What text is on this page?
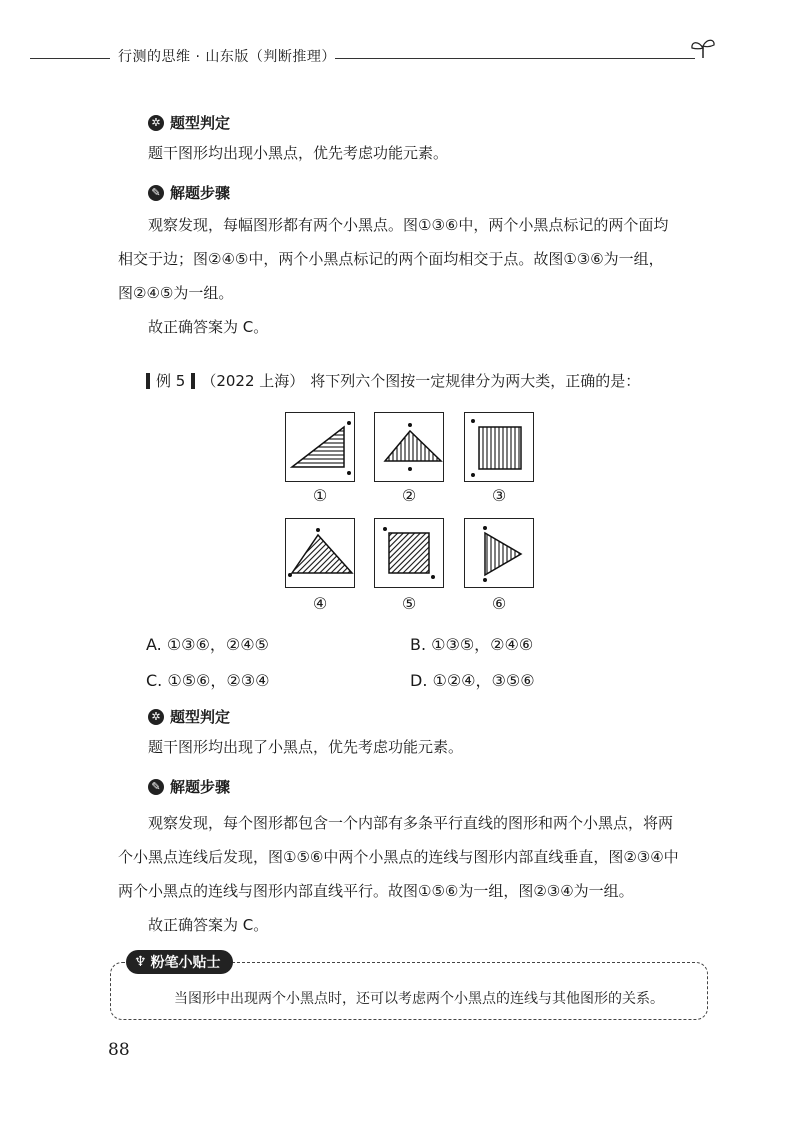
行测的思维 · 山东版（判断推理）
✲ 题型判定
题干图形均出现小黑点，优先考虑功能元素。
✎ 解题步骤
观察发现，每幅图形都有两个小黑点。图①③⑥中，两个小黑点标记的两个面均
相交于边；图②④⑤中，两个小黑点标记的两个面均相交于点。故图①③⑥为一组，
图②④⑤为一组。
故正确答案为 C。
例 5 （2022 上海） 将下列六个图按一定规律分为两大类，正确的是：
①	②	③
④	⑤	⑥
A. ①③⑥，②④⑤	B. ①③⑤，②④⑥
C. ①⑤⑥，②③④	D. ①②④，③⑤⑥
✲ 题型判定
题干图形均出现了小黑点，优先考虑功能元素。
✎ 解题步骤
观察发现，每个图形都包含一个内部有多条平行直线的图形和两个小黑点，将两
个小黑点连线后发现，图①⑤⑥中两个小黑点的连线与图形内部直线垂直，图②③④中
两个小黑点的连线与图形内部直线平行。故图①⑤⑥为一组，图②③④为一组。
故正确答案为 C。
♆ 粉笔小贴士
当图形中出现两个小黑点时，还可以考虑两个小黑点的连线与其他图形的关系。
88
